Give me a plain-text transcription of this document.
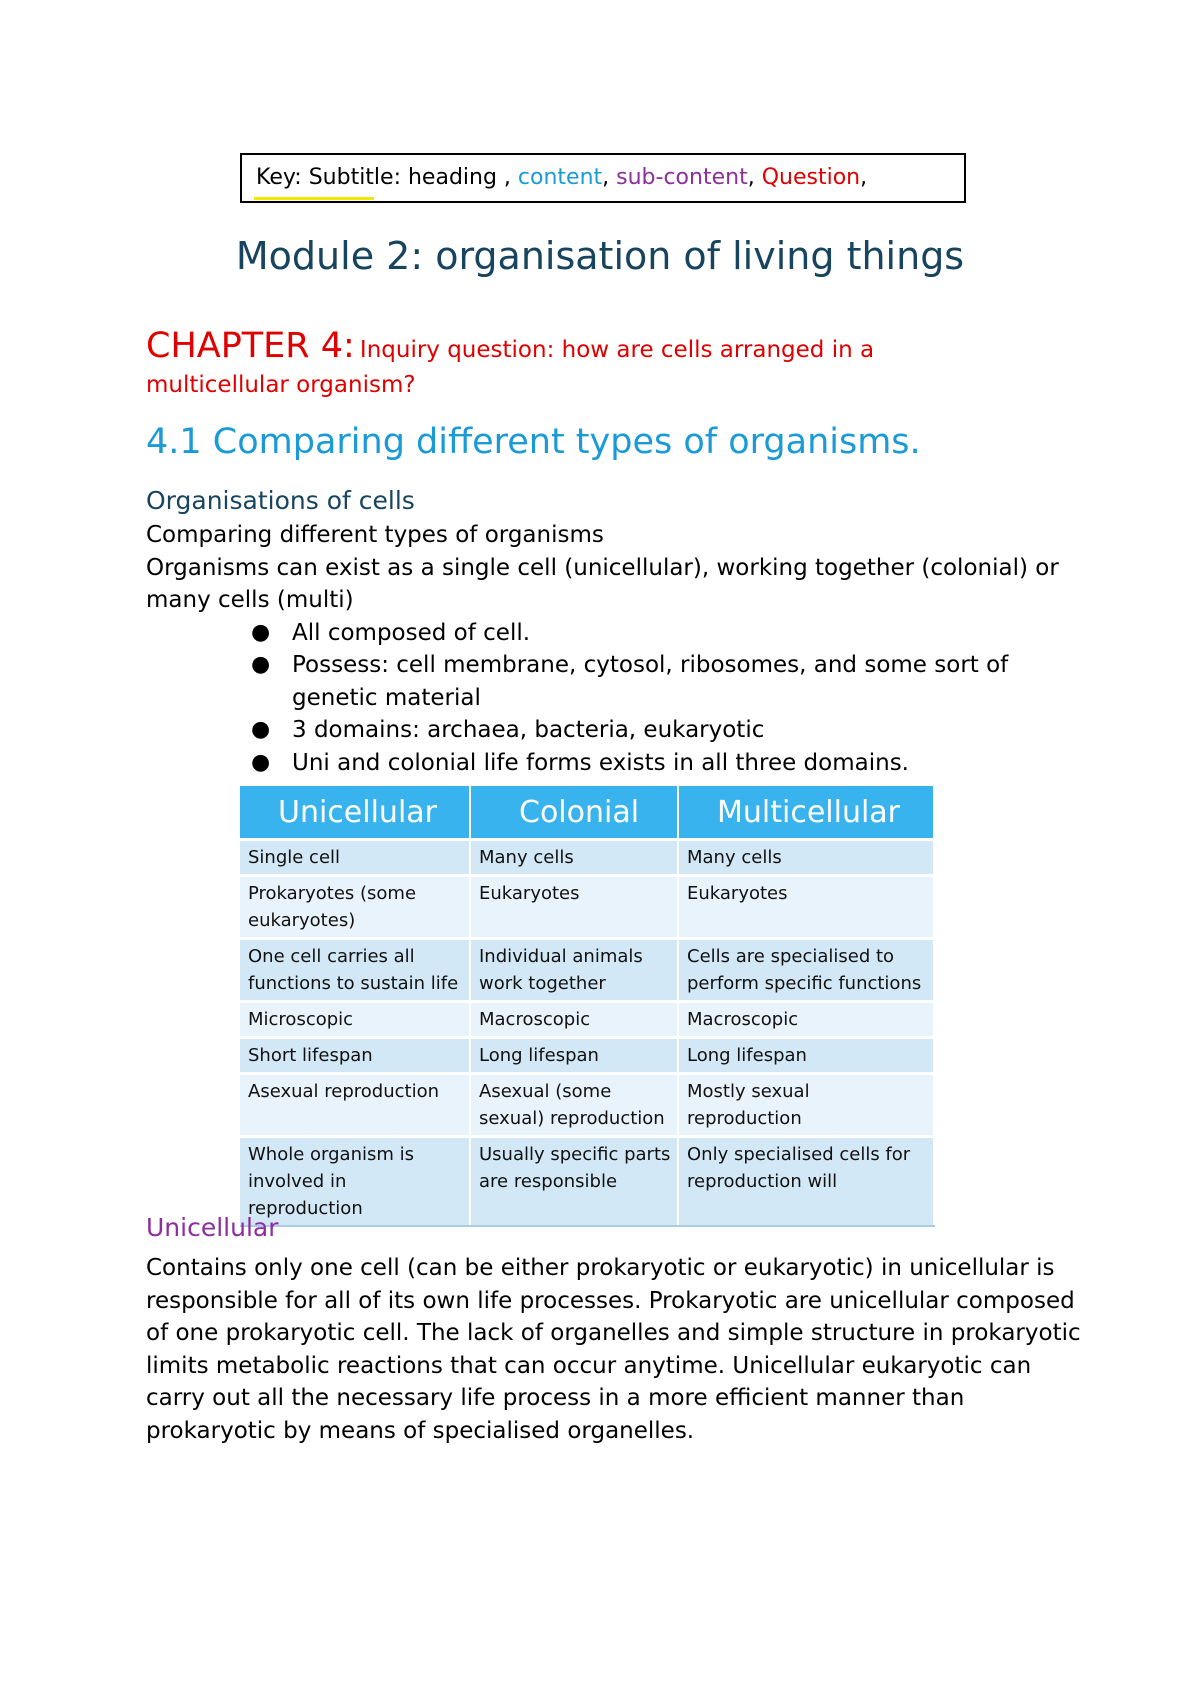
Key: Subtitle: heading , content, sub-content, Question,
Module 2: organisation of living things
CHAPTER 4: Inquiry question: how are cells arranged in a
multicellular organism?
4.1 Comparing different types of organisms.
Organisations of cells

Comparing different types of organisms

Organisms can exist as a single cell (unicellular), working together (colonial) or many cells (multi)

● All composed of cell.
● Possess: cell membrane, cytosol, ribosomes, and some sort of genetic material
● 3 domains: archaea, bacteria, eukaryotic
● Uni and colonial life forms exists in all three domains.
Unicellular	Colonial	Multicellular
Single cell	Many cells	Many cells
Prokaryotes (some eukaryotes)	Eukaryotes	Eukaryotes
One cell carries all functions to sustain life	Individual animals work together	Cells are specialised to perform specific functions
Microscopic	Macroscopic	Macroscopic
Short lifespan	Long lifespan	Long lifespan
Asexual reproduction	Asexual (some sexual) reproduction	Mostly sexual reproduction
Whole organism is involved in reproduction	Usually specific parts are responsible	Only specialised cells for reproduction will
Unicellular
Contains only one cell (can be either prokaryotic or eukaryotic) in unicellular is responsible for all of its own life processes. Prokaryotic are unicellular composed of one prokaryotic cell. The lack of organelles and simple structure in prokaryotic limits metabolic reactions that can occur anytime. Unicellular eukaryotic can carry out all the necessary life process in a more efficient manner than prokaryotic by means of specialised organelles.
